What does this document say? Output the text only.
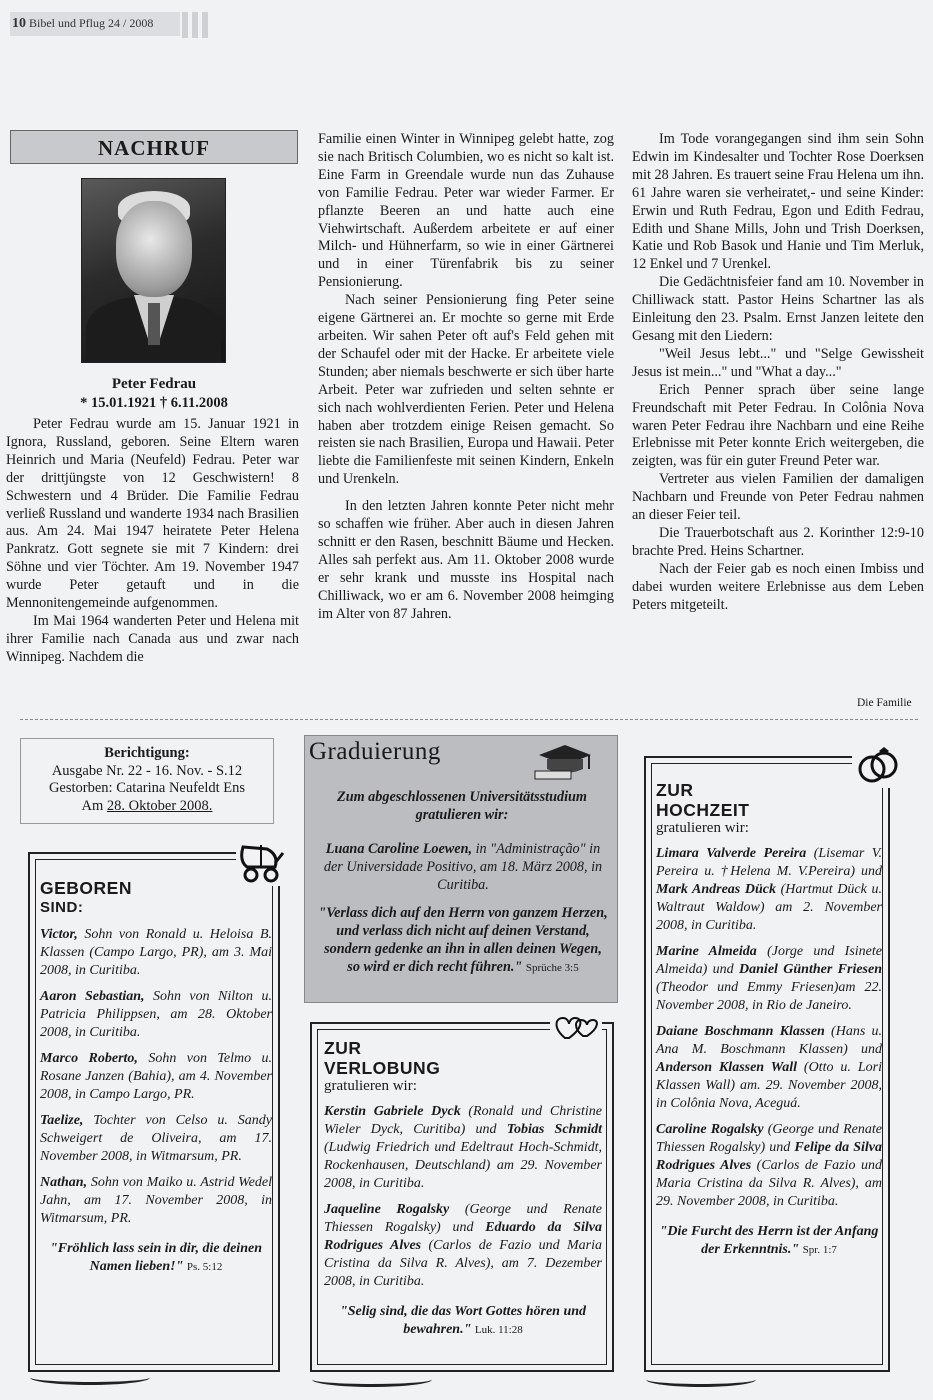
10 Bibel und Pflug 24 / 2008
NACHRUF
Peter Fedrau
* 15.01.1921 † 6.11.2008

Peter Fedrau wurde am 15. Januar 1921 in Ignora, Russland, geboren. Seine Eltern waren Heinrich und Maria (Neufeld) Fedrau. Peter war der drittjüngste von 12 Geschwistern! 8 Schwestern und 4 Brüder. Die Familie Fedrau verließ Russland und wanderte 1934 nach Brasilien aus. Am 24. Mai 1947 heiratete Peter Helena Pankratz. Gott segnete sie mit 7 Kindern: drei Söhne und vier Töchter. Am 19. November 1947 wurde Peter getauft und in die Mennonitengemeinde aufgenommen.

Im Mai 1964 wanderten Peter und Helena mit ihrer Familie nach Canada aus und zwar nach Winnipeg. Nachdem die

Familie einen Winter in Winnipeg gelebt hatte, zog sie nach Britisch Columbien, wo es nicht so kalt ist. Eine Farm in Greendale wurde nun das Zuhause von Familie Fedrau. Peter war wieder Farmer. Er pflanzte Beeren an und hatte auch eine Viehwirtschaft. Außerdem arbeitete er auf einer Milch- und Hühnerfarm, so wie in einer Gärtnerei und in einer Türenfabrik bis zu seiner Pensionierung.

Nach seiner Pensionierung fing Peter seine eigene Gärtnerei an. Er mochte so gerne mit Erde arbeiten. Wir sahen Peter oft auf's Feld gehen mit der Schaufel oder mit der Hacke. Er arbeitete viele Stunden; aber niemals beschwerte er sich über harte Arbeit. Peter war zufrieden und selten sehnte er sich nach wohlverdienten Ferien. Peter und Helena haben aber trotzdem einige Reisen gemacht. So reisten sie nach Brasilien, Europa und Hawaii. Peter liebte die Familienfeste mit seinen Kindern, Enkeln und Urenkeln.

In den letzten Jahren konnte Peter nicht mehr so schaffen wie früher. Aber auch in diesen Jahren schnitt er den Rasen, beschnitt Bäume und Hecken. Alles sah perfekt aus. Am 11. Oktober 2008 wurde er sehr krank und musste ins Hospital nach Chilliwack, wo er am 6. November 2008 heimging im Alter von 87 Jahren.

Im Tode vorangegangen sind ihm sein Sohn Edwin im Kindesalter und Tochter Rose Doerksen mit 28 Jahren. Es trauert seine Frau Helena um ihn. 61 Jahre waren sie verheiratet,- und seine Kinder: Erwin und Ruth Fedrau, Egon und Edith Fedrau, Edith und Shane Mills, John und Trish Doerksen, Katie und Rob Basok und Hanie und Tim Merluk, 12 Enkel und 7 Urenkel.

Die Gedächtnisfeier fand am 10. November in Chilliwack statt. Pastor Heins Schartner las als Einleitung den 23. Psalm. Ernst Janzen leitete den Gesang mit den Liedern:

"Weil Jesus lebt..." und "Selge Gewissheit Jesus ist mein..." und "What a day..."

Erich Penner sprach über seine lange Freundschaft mit Peter Fedrau. In Colônia Nova waren Peter Fedrau ihre Nachbarn und eine Reihe Erlebnisse mit Peter konnte Erich weitergeben, die zeigten, was für ein guter Freund Peter war.

Vertreter aus vielen Familien der damaligen Nachbarn und Freunde von Peter Fedrau nahmen an dieser Feier teil.

Die Trauerbotschaft aus 2. Korinther 12:9-10 brachte Pred. Heins Schartner.

Nach der Feier gab es noch einen Imbiss und dabei wurden weitere Erlebnisse aus dem Leben Peters mitgeteilt.

Die Familie
Berichtigung:
Ausgabe Nr. 22 - 16. Nov. - S.12
Gestorben: Catarina Neufeldt Ens
Am 28. Oktober 2008.
GEBOREN
SIND:
Victor, Sohn von Ronald u. Heloisa B. Klassen (Campo Largo, PR), am 3. Mai 2008, in Curitiba.
Aaron Sebastian, Sohn von Nilton u. Patricia Philippsen, am 28. Oktober 2008, in Curitiba.
Marco Roberto, Sohn von Telmo u. Rosane Janzen (Bahia), am 4. November 2008, in Campo Largo, PR.
Taelize, Tochter von Celso u. Sandy Schweigert de Oliveira, am 17. November 2008, in Witmarsum, PR.
Nathan, Sohn von Maiko u. Astrid Wedel Jahn, am 17. November 2008, in Witmarsum, PR.
"Fröhlich lass sein in dir, die deinen Namen lieben!" Ps. 5:12
Graduierung
Zum abgeschlossenen Universitätsstudium gratulieren wir:
Luana Caroline Loewen, in "Administração" in der Universidade Positivo, am 18. März 2008, in Curitiba.
"Verlass dich auf den Herrn von ganzem Herzen, und verlass dich nicht auf deinen Verstand, sondern gedenke an ihn in allen deinen Wegen, so wird er dich recht führen." Sprüche 3:5
ZUR
VERLOBUNG
gratulieren wir:
Kerstin Gabriele Dyck (Ronald und Christine Wieler Dyck, Curitiba) und Tobias Schmidt (Ludwig Friedrich und Edeltraut Hoch-Schmidt, Rockenhausen, Deutschland) am 29. November 2008, in Curitiba.
Jaqueline Rogalsky (George und Renate Thiessen Rogalsky) und Eduardo da Silva Rodrigues Alves (Carlos de Fazio und Maria Cristina da Silva R. Alves), am 7. Dezember 2008, in Curitiba.
"Selig sind, die das Wort Gottes hören und bewahren." Luk. 11:28
ZUR
HOCHZEIT
gratulieren wir:
Limara Valverde Pereira (Lisemar V. Pereira u. †Helena M. V.Pereira) und Mark Andreas Dück (Hartmut Dück u. Waltraut Waldow) am 2. November 2008, in Curitiba.
Marine Almeida (Jorge und Isinete Almeida) und Daniel Günther Friesen (Theodor und Emmy Friesen)am 22. November 2008, in Rio de Janeiro.
Daiane Boschmann Klassen (Hans u. Ana M. Boschmann Klassen) und Anderson Klassen Wall (Otto u. Lori Klassen Wall) am. 29. November 2008, in Colônia Nova, Aceguá.
Caroline Rogalsky (George und Renate Thiessen Rogalsky) und Felipe da Silva Rodrigues Alves (Carlos de Fazio und Maria Cristina da Silva R. Alves), am 29. November 2008, in Curitiba.
"Die Furcht des Herrn ist der Anfang der Erkenntnis." Spr. 1:7
